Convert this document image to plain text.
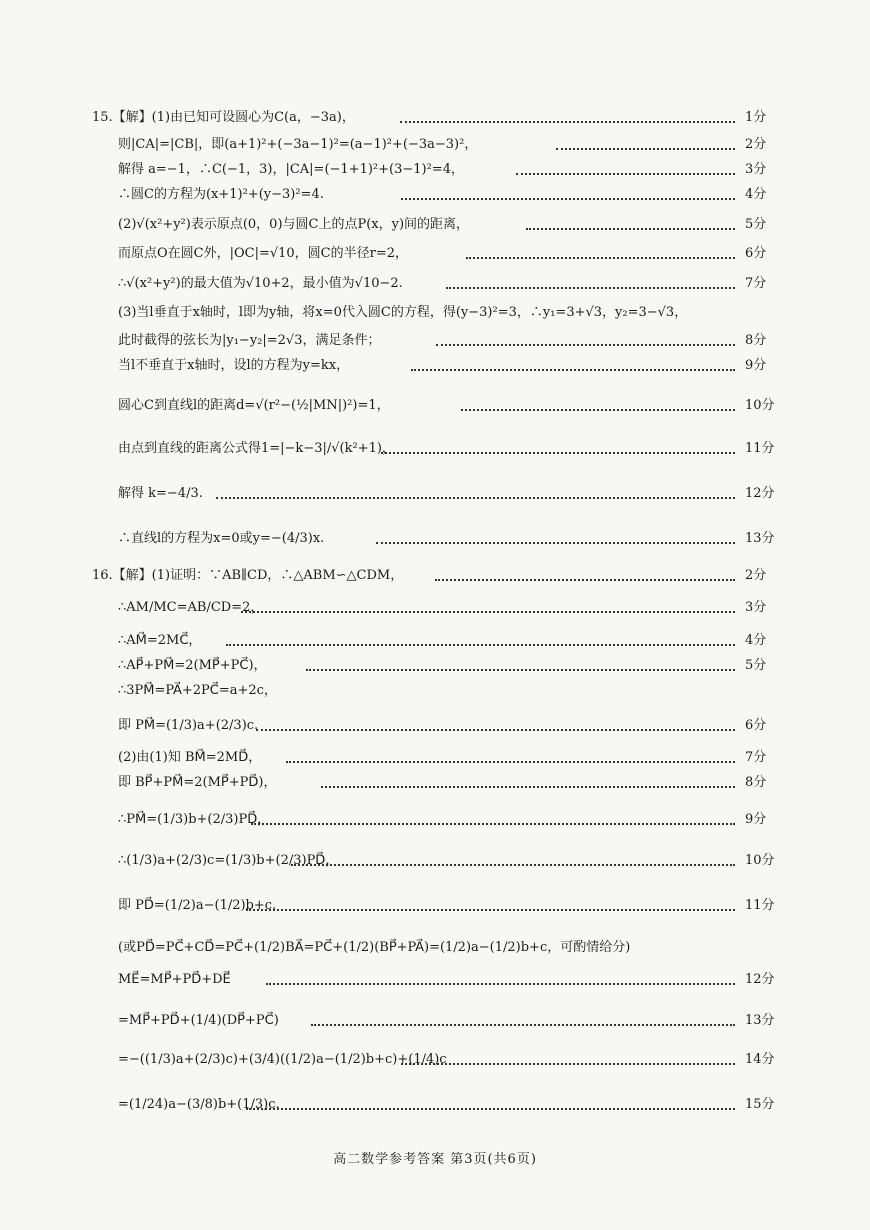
15.【解】(1)由已知可设圆心为C(a，−3a)，	1分
则|CA|=|CB|，即(a+1)²+(−3a−1)²=(a−1)²+(−3a−3)²，	2分
解得 a=−1，∴C(−1，3)，|CA|=(−1+1)²+(3−1)²=4，	3分
∴圆C的方程为(x+1)²+(y−3)²=4.	4分
(2)√(x²+y²)表示原点(0，0)与圆C上的点P(x，y)间的距离，	5分
而原点O在圆C外，|OC|=√10，圆C的半径r=2，	6分
∴√(x²+y²)的最大值为√10+2，最小值为√10−2.	7分
(3)当l垂直于x轴时，l即为y轴，将x=0代入圆C的方程，得(y−3)²=3，∴y₁=3+√3，y₂=3−√3，
此时截得的弦长为|y₁−y₂|=2√3，满足条件；	8分
当l不垂直于x轴时，设l的方程为y=kx，	9分
圆心C到直线l的距离d=√(r²−(½|MN|)²)=1，	10分
由点到直线的距离公式得1=|−k−3|/√(k²+1)，	11分
解得 k=−4/3.	12分
∴直线l的方程为x=0或y=−(4/3)x.	13分
16.【解】(1)证明：∵AB∥CD，∴△ABM∽△CDM，	2分
∴AM/MC=AB/CD=2，	3分
∴AM⃗=2MC⃗，	4分
∴AP⃗+PM⃗=2(MP⃗+PC⃗)，	5分
∴3PM⃗=PA⃗+2PC⃗=a+2c，
即 PM⃗=(1/3)a+(2/3)c.	6分
(2)由(1)知 BM⃗=2MD⃗，	7分
即 BP⃗+PM⃗=2(MP⃗+PD⃗)，	8分
∴PM⃗=(1/3)b+(2/3)PD⃗，	9分
∴(1/3)a+(2/3)c=(1/3)b+(2/3)PD⃗，	10分
即 PD⃗=(1/2)a−(1/2)b+c.	11分
(或PD⃗=PC⃗+CD⃗=PC⃗+(1/2)BA⃗=PC⃗+(1/2)(BP⃗+PA⃗)=(1/2)a−(1/2)b+c，可酌情给分)
ME⃗=MP⃗+PD⃗+DE⃗	12分
=MP⃗+PD⃗+(1/4)(DP⃗+PC⃗)	13分
=−((1/3)a+(2/3)c)+(3/4)((1/2)a−(1/2)b+c)+(1/4)c	14分
=(1/24)a−(3/8)b+(1/3)c.	15分
高二数学参考答案 第3页(共6页)
